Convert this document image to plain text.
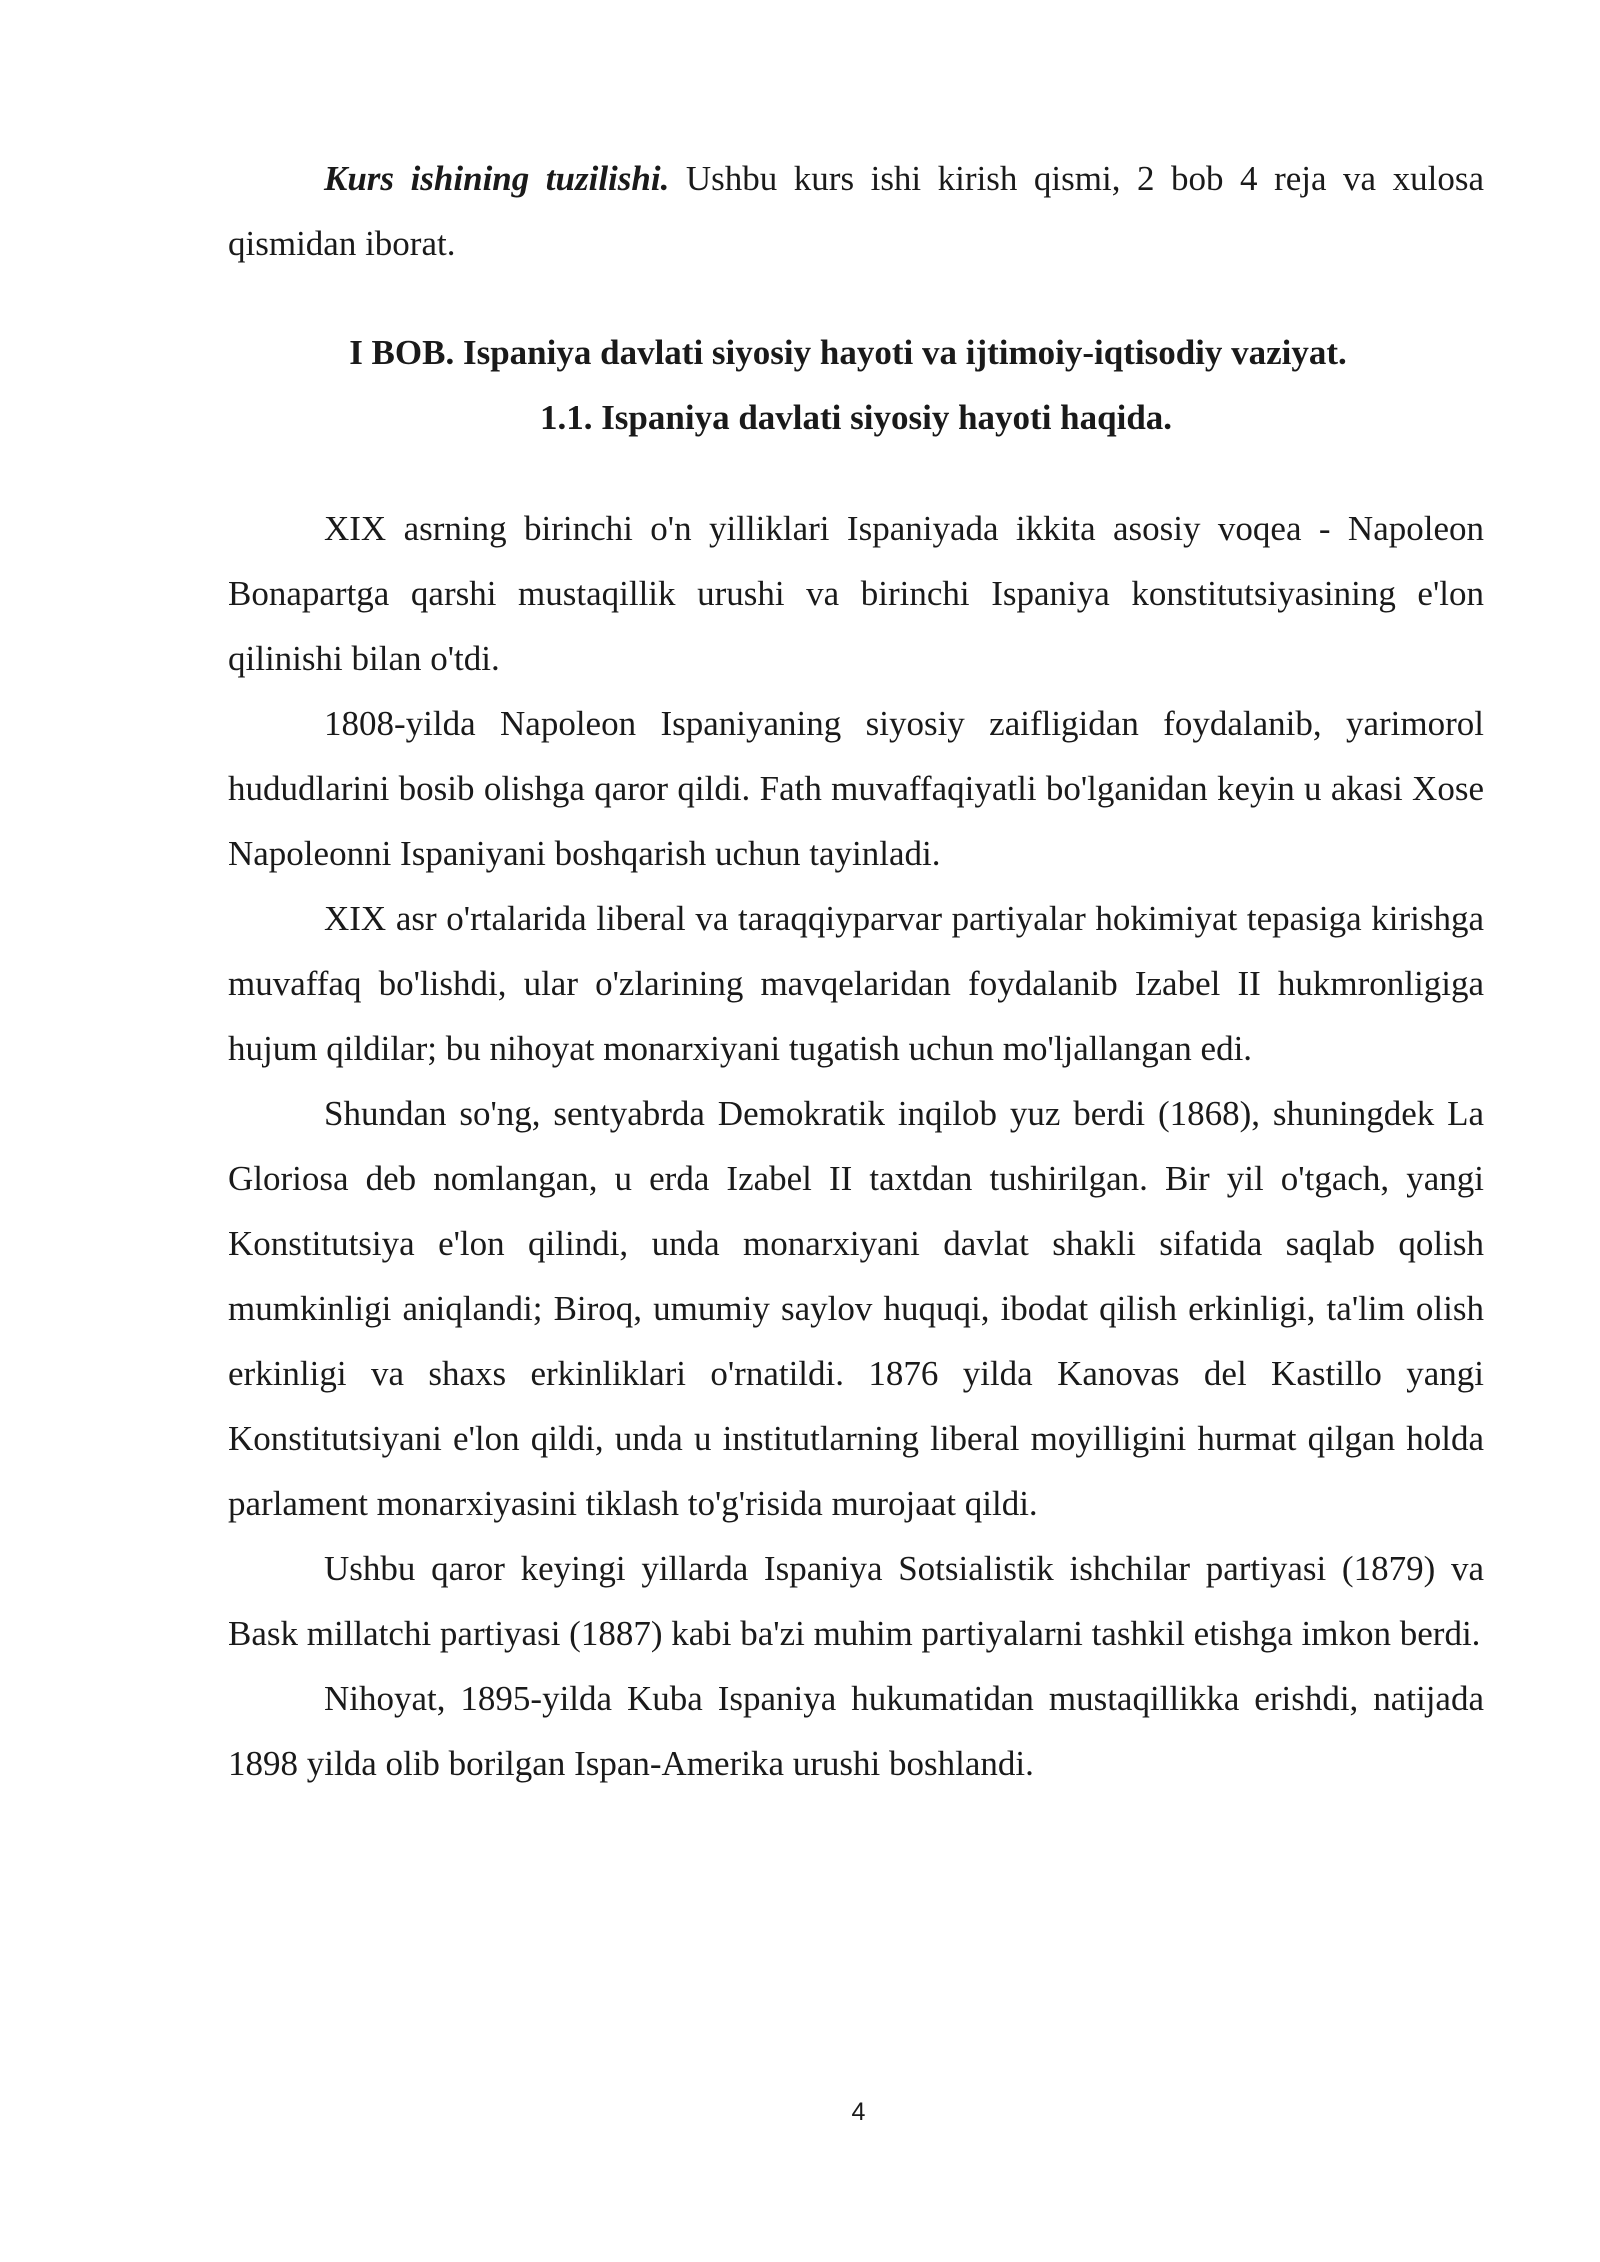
Kurs ishining tuzilishi. Ushbu kurs ishi kirish qismi, 2 bob 4 reja va xulosa qismidan iborat.

I BOB. Ispaniya davlati siyosiy hayoti va ijtimoiy-iqtisodiy vaziyat.
1.1. Ispaniya davlati siyosiy hayoti haqida.

XIX asrning birinchi o'n yilliklari Ispaniyada ikkita asosiy voqea - Napoleon Bonapartga qarshi mustaqillik urushi va birinchi Ispaniya konstitutsiyasining e'lon qilinishi bilan o'tdi.

1808-yilda Napoleon Ispaniyaning siyosiy zaifligidan foydalanib, yarimorol hududlarini bosib olishga qaror qildi. Fath muvaffaqiyatli bo'lganidan keyin u akasi Xose Napoleonni Ispaniyani boshqarish uchun tayinladi.

XIX asr o'rtalarida liberal va taraqqiyparvar partiyalar hokimiyat tepasiga kirishga muvaffaq bo'lishdi, ular o'zlarining mavqelaridan foydalanib Izabel II hukmronligiga hujum qildilar; bu nihoyat monarxiyani tugatish uchun mo'ljallangan edi.

Shundan so'ng, sentyabrda Demokratik inqilob yuz berdi (1868), shuningdek La Gloriosa deb nomlangan, u erda Izabel II taxtdan tushirilgan. Bir yil o'tgach, yangi Konstitutsiya e'lon qilindi, unda monarxiyani davlat shakli sifatida saqlab qolish mumkinligi aniqlandi; Biroq, umumiy saylov huquqi, ibodat qilish erkinligi, ta'lim olish erkinligi va shaxs erkinliklari o'rnatildi. 1876 yilda Kanovas del Kastillo yangi Konstitutsiyani e'lon qildi, unda u institutlarning liberal moyilligini hurmat qilgan holda parlament monarxiyasini tiklash to'g'risida murojaat qildi.

Ushbu qaror keyingi yillarda Ispaniya Sotsialistik ishchilar partiyasi (1879) va Bask millatchi partiyasi (1887) kabi ba'zi muhim partiyalarni tashkil etishga imkon berdi.

Nihoyat, 1895-yilda Kuba Ispaniya hukumatidan mustaqillikka erishdi, natijada 1898 yilda olib borilgan Ispan-Amerika urushi boshlandi.

4
